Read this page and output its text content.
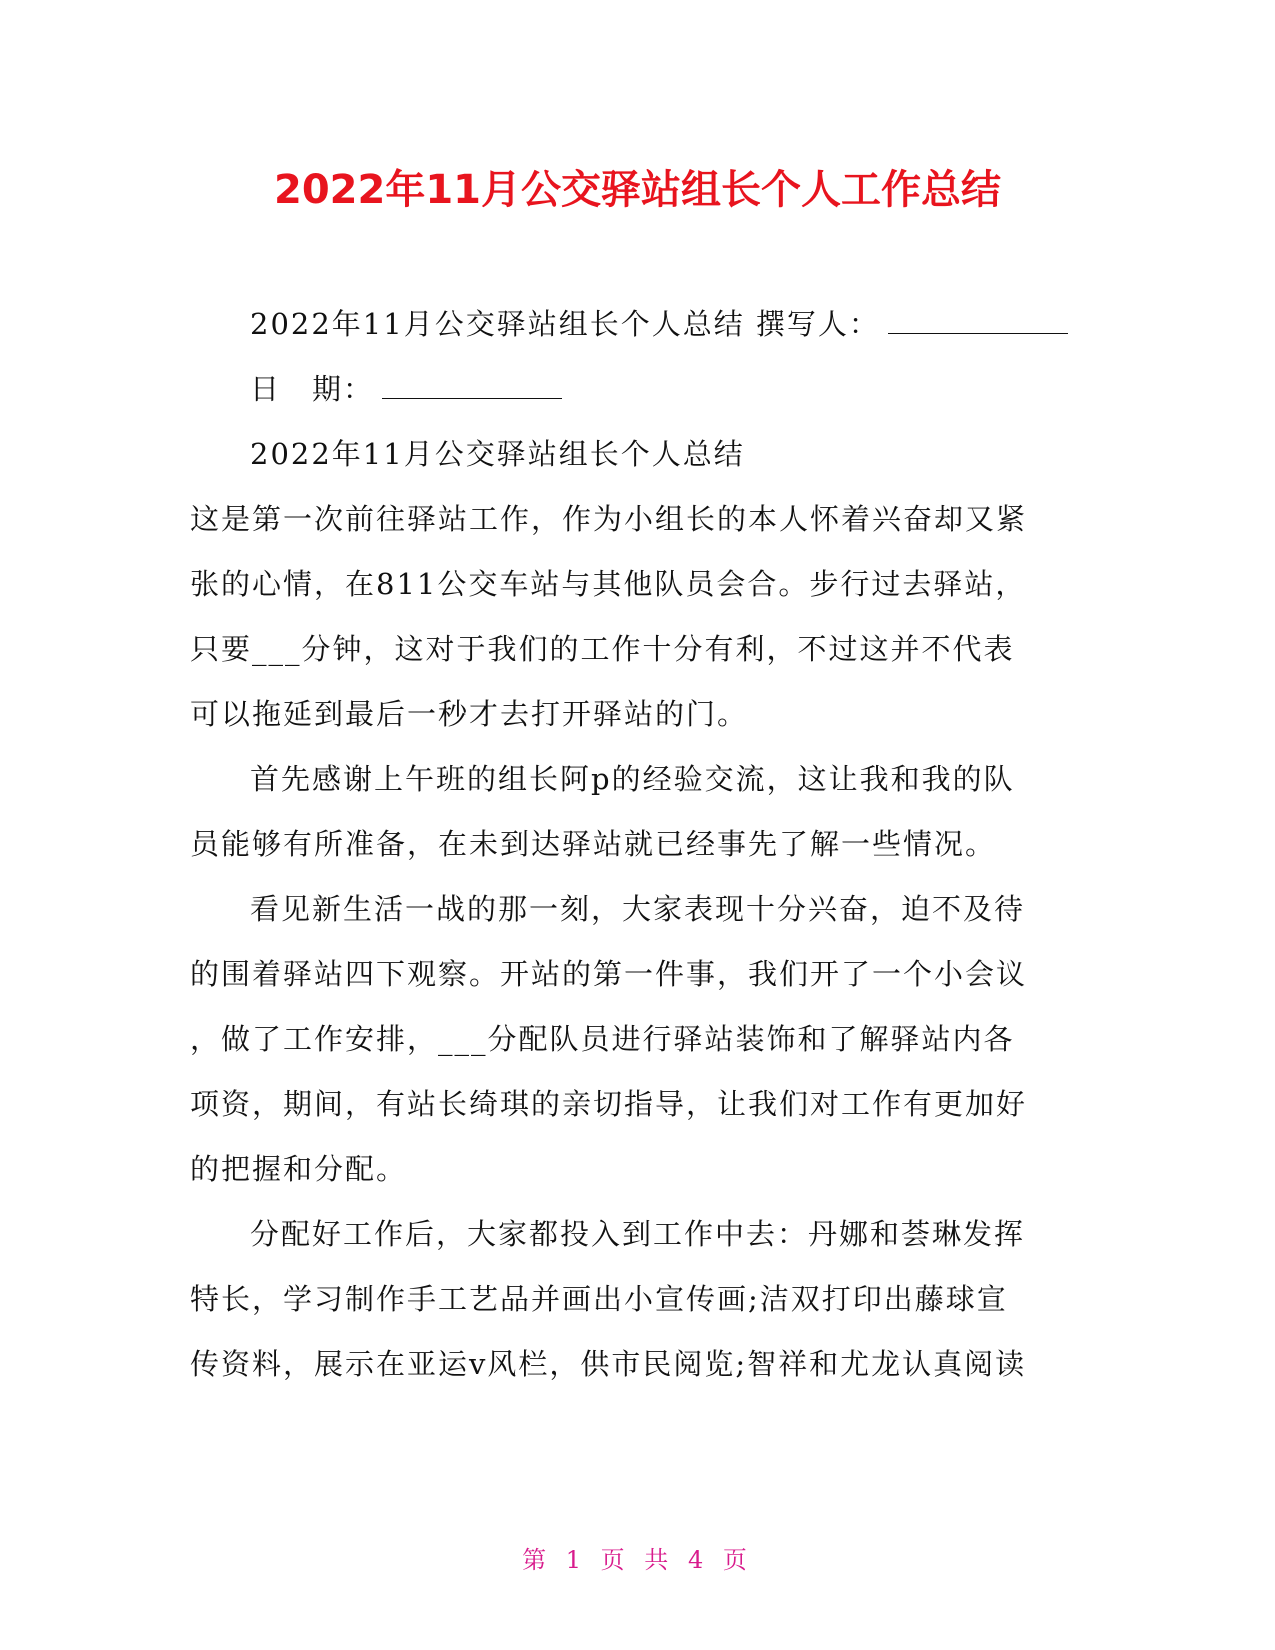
2022年11月公交驿站组长个人工作总结

2022年11月公交驿站组长个人总结 撰写人：

日　期：

2022年11月公交驿站组长个人总结

这是第一次前往驿站工作，作为小组长的本人怀着兴奋却又紧

张的心情，在811公交车站与其他队员会合。步行过去驿站，

只要___分钟，这对于我们的工作十分有利，不过这并不代表

可以拖延到最后一秒才去打开驿站的门。

首先感谢上午班的组长阿p的经验交流，这让我和我的队

员能够有所准备，在未到达驿站就已经事先了解一些情况。

看见新生活一战的那一刻，大家表现十分兴奋，迫不及待

的围着驿站四下观察。开站的第一件事，我们开了一个小会议

，做了工作安排，___分配队员进行驿站装饰和了解驿站内各

项资，期间，有站长绮琪的亲切指导，让我们对工作有更加好

的把握和分配。

分配好工作后，大家都投入到工作中去：丹娜和荟琳发挥

特长，学习制作手工艺品并画出小宣传画;洁双打印出藤球宣

传资料，展示在亚运v风栏，供市民阅览;智祥和尤龙认真阅读

第 1 页 共 4 页
